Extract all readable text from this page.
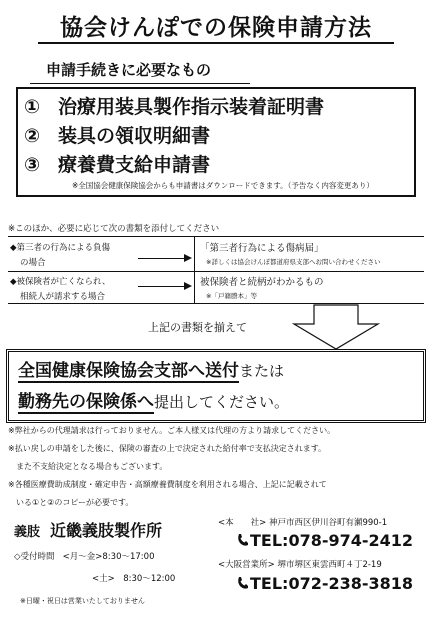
協会けんぽでの保険申請方法
申請手続きに必要なもの
① 治療用装具製作指示装着証明書
② 装具の領収明細書
③ 療養費支給申請書
※全国協会健康保険協会からも申請書はダウンロードできます。（予告なく内容変更あり）
※このほか、必要に応じて次の書類を添付してください
◆第三者の行為による負傷
の場合
「第三者行為による傷病届」
※詳しくは協会けんぽ都道府県支部へお問い合わせください
◆被保険者が亡くなられ、
相続人が請求する場合
被保険者と続柄がわかるもの
※「戸籍謄本」等
上記の書類を揃えて
全国健康保険協会支部へ送付または
勤務先の保険係へ提出してください。
※弊社からの代理請求は行っておりません。ご本人様又は代理の方より請求してください。
※払い戻しの申請をした後に、保険の審査の上で決定された給付率で支払決定されます。
　また不支給決定となる場合もございます。
※各種医療費助成制度・確定申告・高額療養費制度を利用される場合、上記に記載されて
　いる①と②のコピーが必要です。
義肢 近畿義肢製作所
◇受付時間 <月～金>8:30～17:00
<土>　8:30～12:00
※日曜・祝日は営業いたしておりません
<本　　社> 神戸市西区伊川谷町有瀬990-1
TEL:078-974-2412
<大阪営業所> 堺市堺区東雲西町４丁2-19
TEL:072-238-3818
